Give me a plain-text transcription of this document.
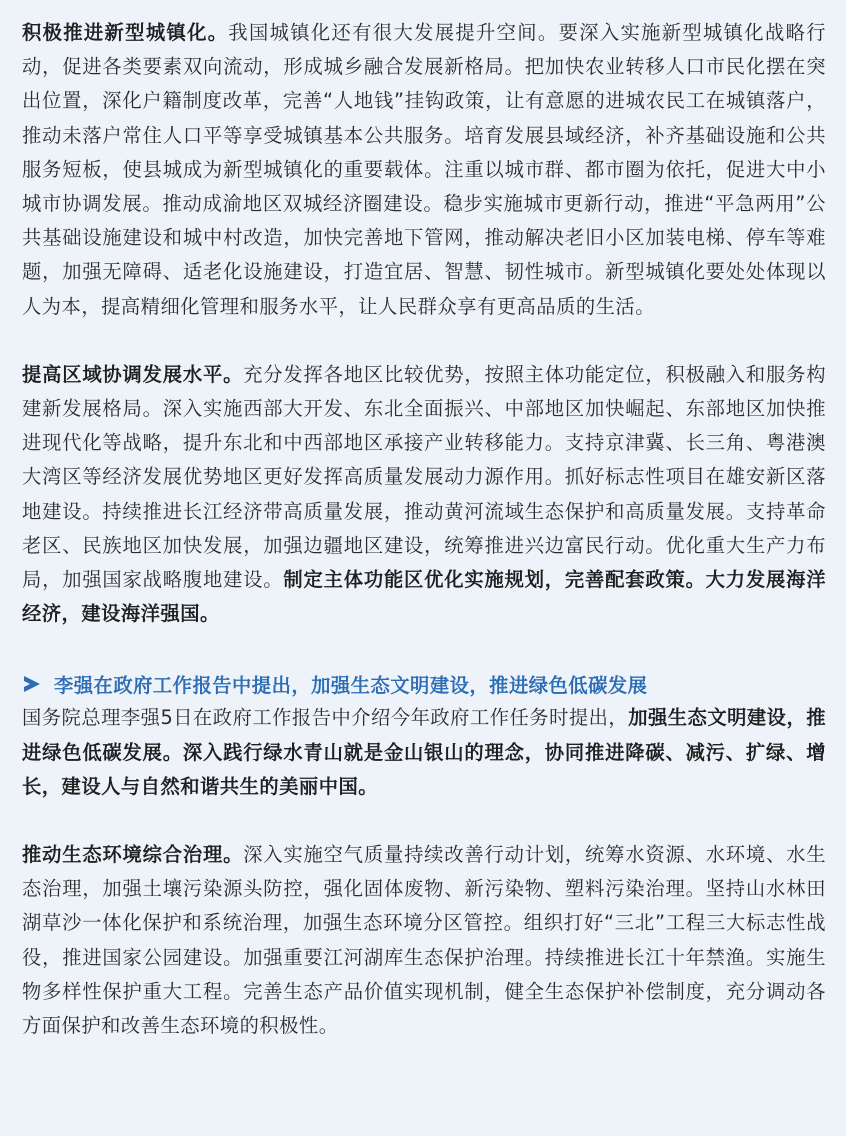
积极推进新型城镇化。我国城镇化还有很大发展提升空间。要深入实施新型城镇化战略行动，促进各类要素双向流动，形成城乡融合发展新格局。把加快农业转移人口市民化摆在突出位置，深化户籍制度改革，完善“人地钱”挂钩政策，让有意愿的进城农民工在城镇落户，推动未落户常住人口平等享受城镇基本公共服务。培育发展县域经济，补齐基础设施和公共服务短板，使县城成为新型城镇化的重要载体。注重以城市群、都市圈为依托，促进大中小城市协调发展。推动成渝地区双城经济圈建设。稳步实施城市更新行动，推进“平急两用”公共基础设施建设和城中村改造，加快完善地下管网，推动解决老旧小区加装电梯、停车等难题，加强无障碍、适老化设施建设，打造宜居、智慧、韧性城市。新型城镇化要处处体现以人为本，提高精细化管理和服务水平，让人民群众享有更高品质的生活。

提高区域协调发展水平。充分发挥各地区比较优势，按照主体功能定位，积极融入和服务构建新发展格局。深入实施西部大开发、东北全面振兴、中部地区加快崛起、东部地区加快推进现代化等战略，提升东北和中西部地区承接产业转移能力。支持京津冀、长三角、粤港澳大湾区等经济发展优势地区更好发挥高质量发展动力源作用。抓好标志性项目在雄安新区落地建设。持续推进长江经济带高质量发展，推动黄河流域生态保护和高质量发展。支持革命老区、民族地区加快发展，加强边疆地区建设，统筹推进兴边富民行动。优化重大生产力布局，加强国家战略腹地建设。制定主体功能区优化实施规划，完善配套政策。大力发展海洋经济，建设海洋强国。

李强在政府工作报告中提出，加强生态文明建设，推进绿色低碳发展

国务院总理李强5日在政府工作报告中介绍今年政府工作任务时提出，加强生态文明建设，推进绿色低碳发展。深入践行绿水青山就是金山银山的理念，协同推进降碳、减污、扩绿、增长，建设人与自然和谐共生的美丽中国。

推动生态环境综合治理。深入实施空气质量持续改善行动计划，统筹水资源、水环境、水生态治理，加强土壤污染源头防控，强化固体废物、新污染物、塑料污染治理。坚持山水林田湖草沙一体化保护和系统治理，加强生态环境分区管控。组织打好“三北”工程三大标志性战役，推进国家公园建设。加强重要江河湖库生态保护治理。持续推进长江十年禁渔。实施生物多样性保护重大工程。完善生态产品价值实现机制，健全生态保护补偿制度，充分调动各方面保护和改善生态环境的积极性。
